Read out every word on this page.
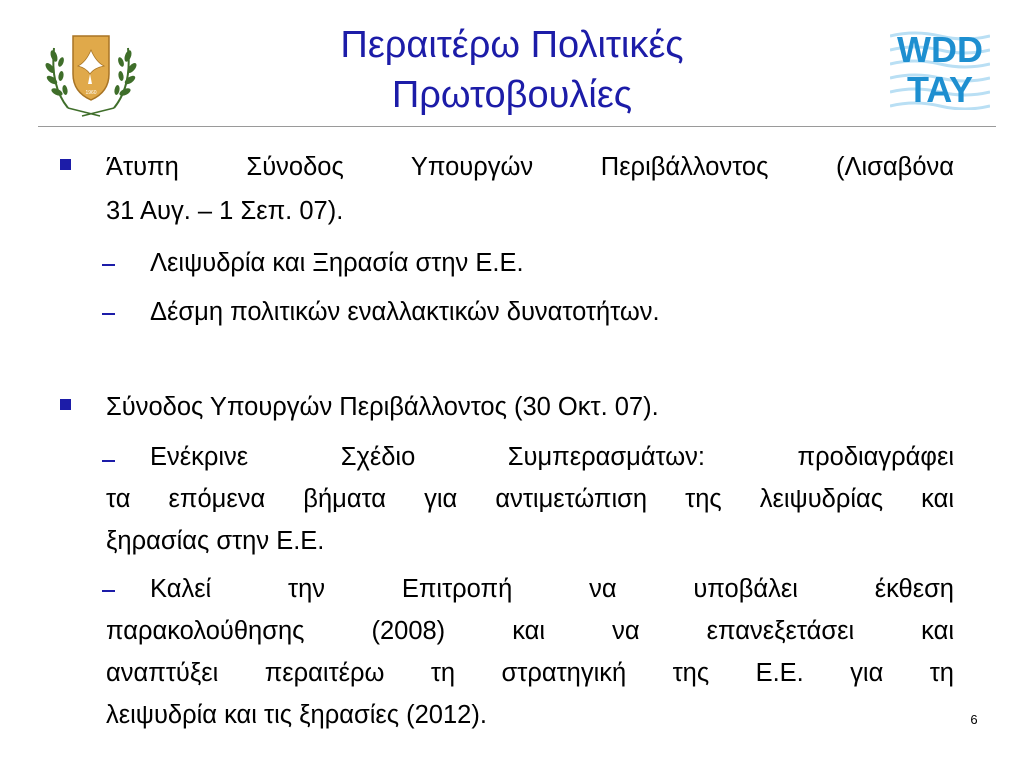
1960
Περαιτέρω Πολιτικές
Πρωτοβουλίες
WDD
TAY
Άτυπη Σύνοδος Υπουργών Περιβάλλοντος (Λισαβόνα
31 Αυγ. – 1 Σεπ. 07).
Λειψυδρία και Ξηρασία στην Ε.Ε.
Δέσμη πολιτικών εναλλακτικών δυνατοτήτων.
Σύνοδος Υπουργών Περιβάλλοντος (30 Οκτ. 07).
Ενέκρινε Σχέδιο Συμπερασμάτων: προδιαγράφει
τα επόμενα βήματα για αντιμετώπιση της λειψυδρίας και
ξηρασίας στην Ε.Ε.
Καλεί την Επιτροπή να υποβάλει έκθεση
παρακολούθησης (2008) και να επανεξετάσει και
αναπτύξει περαιτέρω τη στρατηγική της Ε.Ε. για τη
λειψυδρία και τις ξηρασίες (2012).	6
